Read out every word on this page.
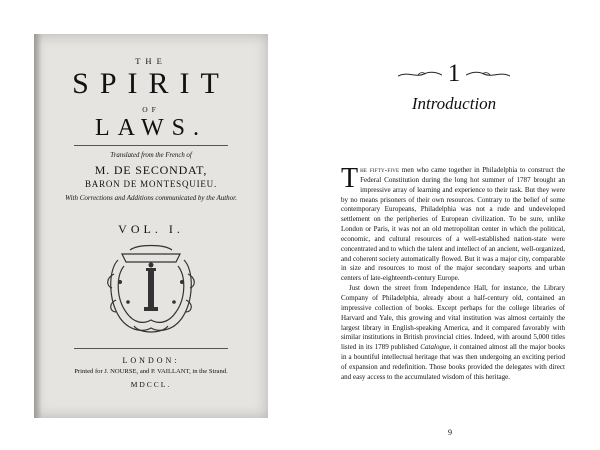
THE
SPIRIT
OF
LAWS.
Translated from the French of
M. DE SECONDAT,
BARON DE MONTESQUIEU.
With Corrections and Additions communicated by the Author.
VOL. I.
LONDON:
Printed for J. NOURSE, and P. VAILLANT, in the Strand.
MDCCL.
1
Introduction

The fifty-five men who came together in Philadelphia to construct the Federal Constitution during the long hot summer of 1787 brought an impressive array of learning and experience to their task. But they were by no means prisoners of their own resources. Contrary to the belief of some contemporary Europeans, Philadelphia was not a rude and undeveloped settlement on the peripheries of European civilization. To be sure, unlike London or Paris, it was not an old metropolitan center in which the political, economic, and cultural resources of a well-established nation-state were concentrated and to which the talent and intellect of an ancient, well-organized, and coherent society automatically flowed. But it was a major city, comparable in size and resources to most of the major secondary seaports and urban centers of late-eighteenth-century Europe.

Just down the street from Independence Hall, for instance, the Library Company of Philadelphia, already about a half-century old, contained an impressive collection of books. Except perhaps for the college libraries of Harvard and Yale, this growing and vital institution was almost certainly the largest library in English-speaking America, and it compared favorably with similar institutions in British provincial cities. Indeed, with around 5,000 titles listed in its 1789 published Catalogue, it contained almost all the major books in a bountiful intellectual heritage that was then undergoing an exciting period of expansion and redefinition. Those books provided the delegates with direct and easy access to the accumulated wisdom of this heritage.

9
